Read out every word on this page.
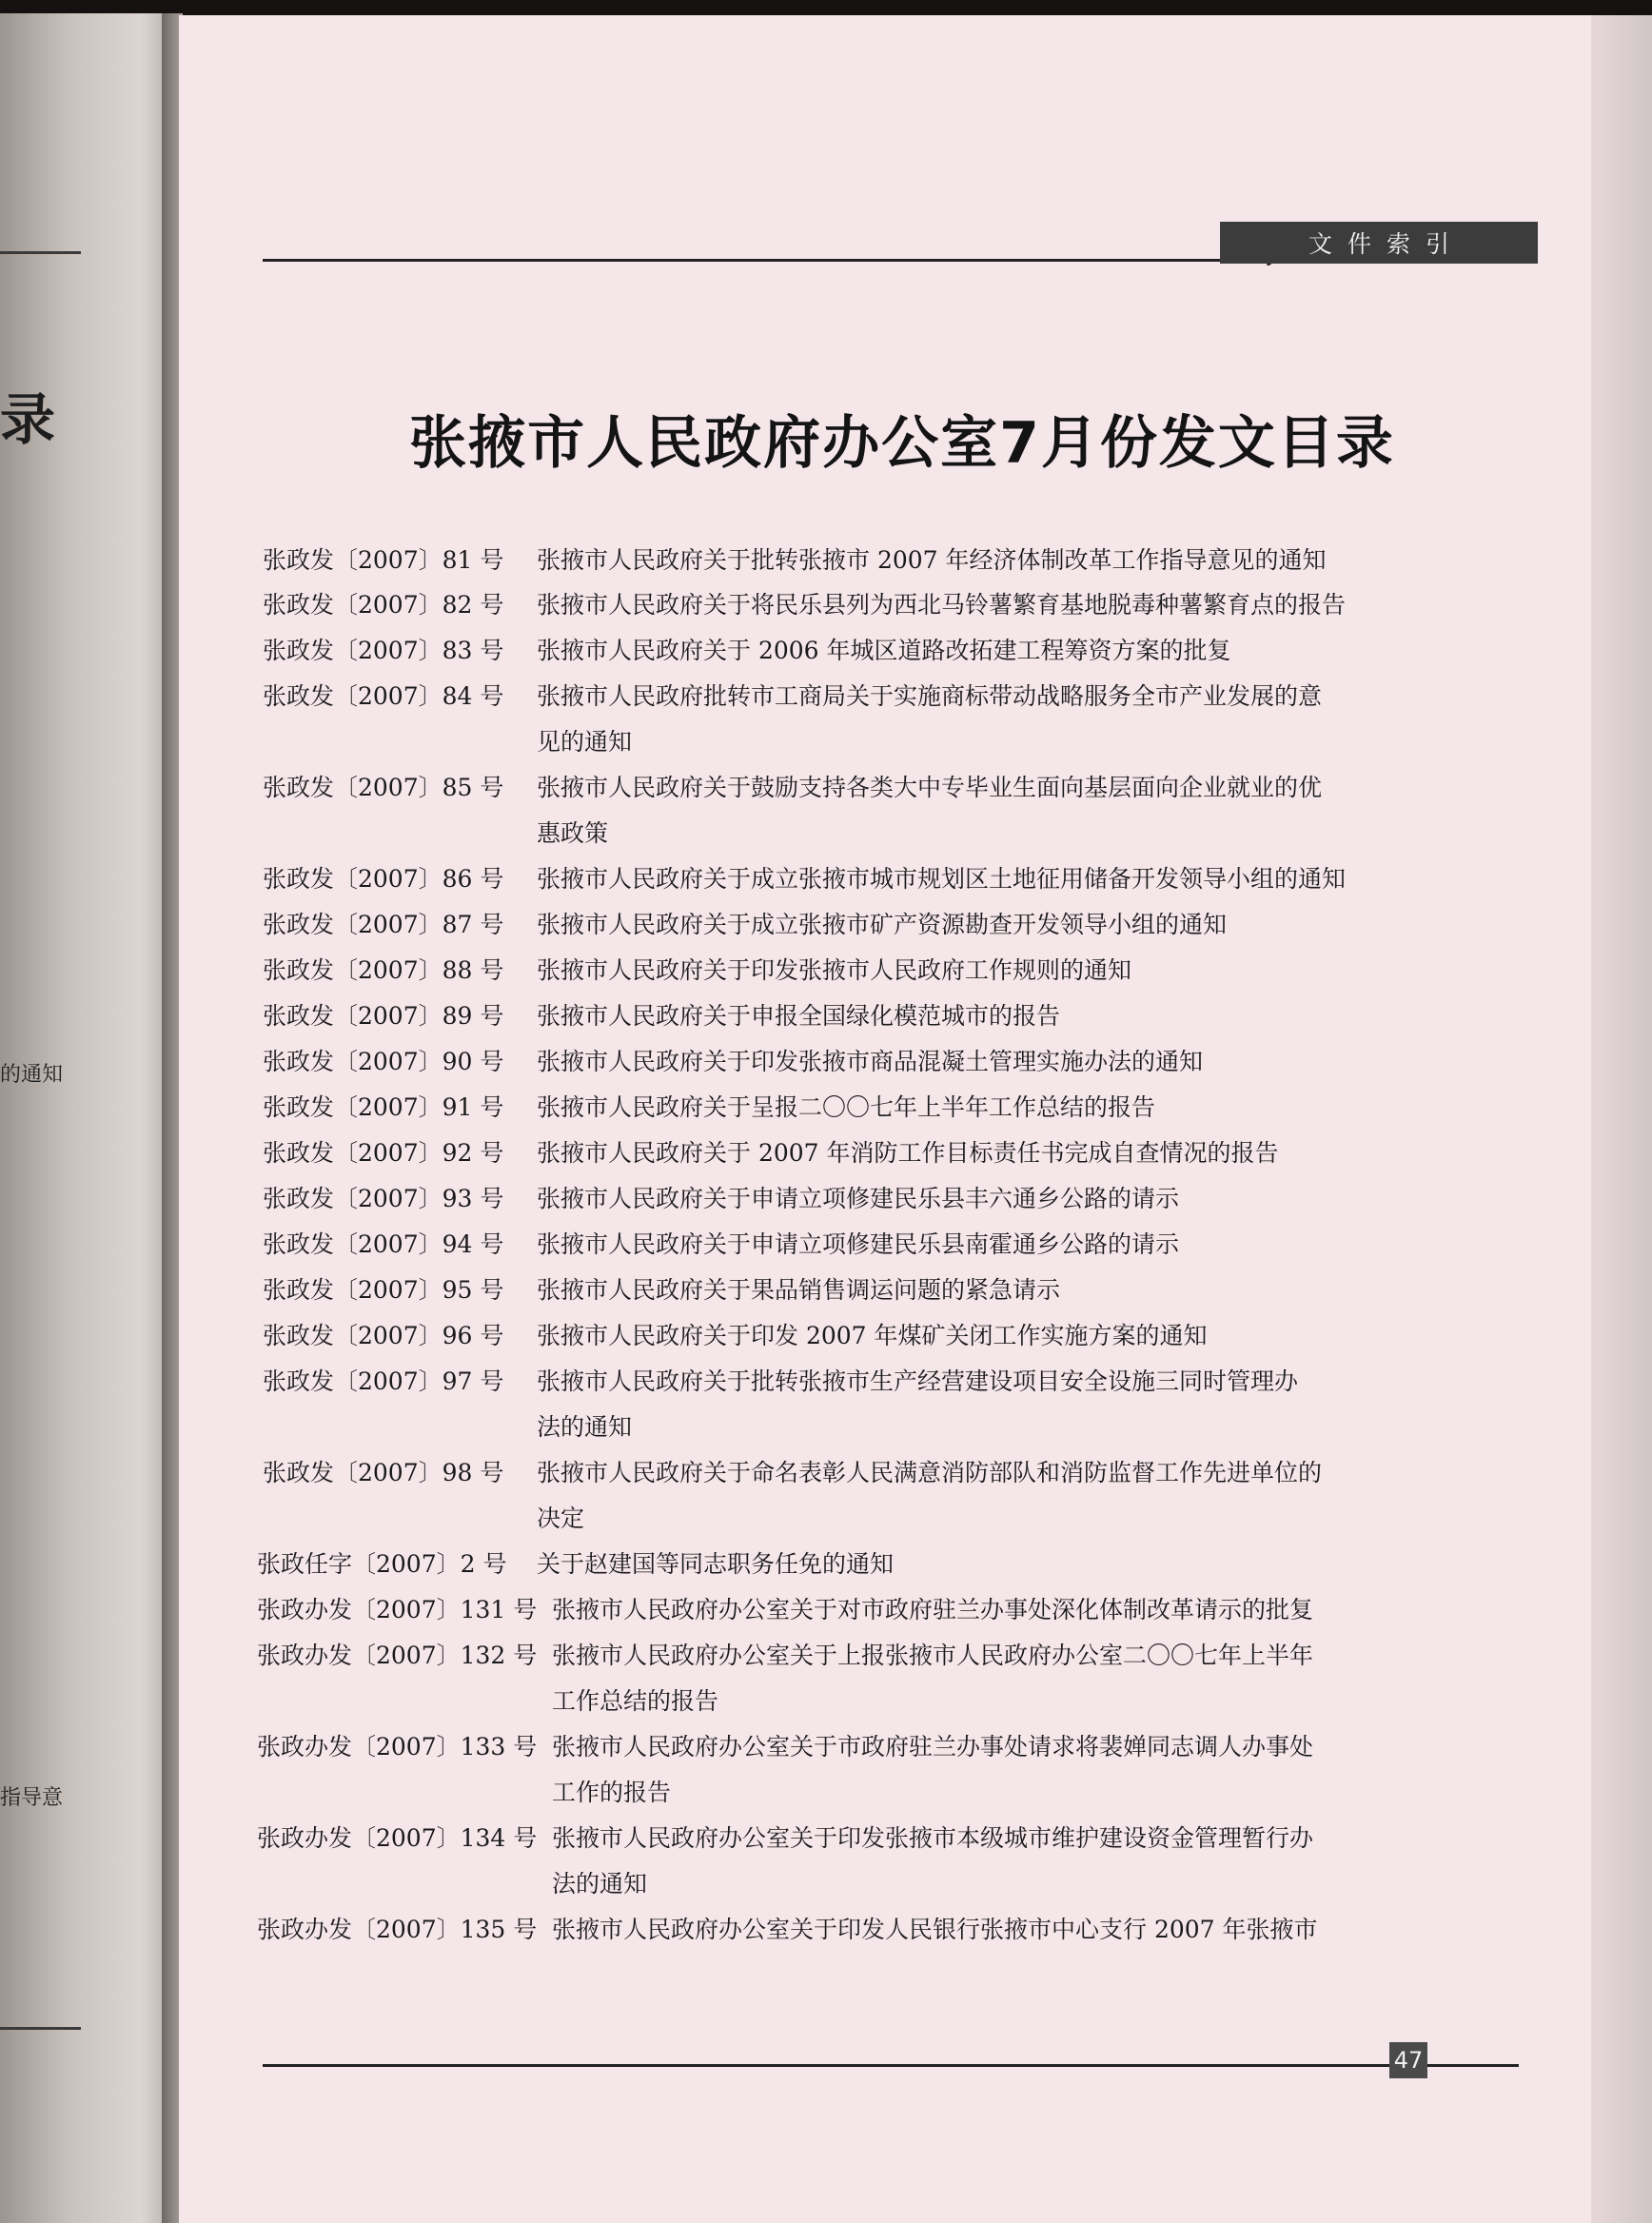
录
的通知
指导意
文件索引
张掖市人民政府办公室7月份发文目录
张政发〔2007〕81 号 张掖市人民政府关于批转张掖市 2007 年经济体制改革工作指导意见的通知
张政发〔2007〕82 号 张掖市人民政府关于将民乐县列为西北马铃薯繁育基地脱毒种薯繁育点的报告
张政发〔2007〕83 号 张掖市人民政府关于 2006 年城区道路改拓建工程筹资方案的批复
张政发〔2007〕84 号 张掖市人民政府批转市工商局关于实施商标带动战略服务全市产业发展的意
见的通知
张政发〔2007〕85 号 张掖市人民政府关于鼓励支持各类大中专毕业生面向基层面向企业就业的优
惠政策
张政发〔2007〕86 号 张掖市人民政府关于成立张掖市城市规划区土地征用储备开发领导小组的通知
张政发〔2007〕87 号 张掖市人民政府关于成立张掖市矿产资源勘查开发领导小组的通知
张政发〔2007〕88 号 张掖市人民政府关于印发张掖市人民政府工作规则的通知
张政发〔2007〕89 号 张掖市人民政府关于申报全国绿化模范城市的报告
张政发〔2007〕90 号 张掖市人民政府关于印发张掖市商品混凝土管理实施办法的通知
张政发〔2007〕91 号 张掖市人民政府关于呈报二〇〇七年上半年工作总结的报告
张政发〔2007〕92 号 张掖市人民政府关于 2007 年消防工作目标责任书完成自查情况的报告
张政发〔2007〕93 号 张掖市人民政府关于申请立项修建民乐县丰六通乡公路的请示
张政发〔2007〕94 号 张掖市人民政府关于申请立项修建民乐县南霍通乡公路的请示
张政发〔2007〕95 号 张掖市人民政府关于果品销售调运问题的紧急请示
张政发〔2007〕96 号 张掖市人民政府关于印发 2007 年煤矿关闭工作实施方案的通知
张政发〔2007〕97 号 张掖市人民政府关于批转张掖市生产经营建设项目安全设施三同时管理办
法的通知
张政发〔2007〕98 号 张掖市人民政府关于命名表彰人民满意消防部队和消防监督工作先进单位的
决定
张政任字〔2007〕2 号 关于赵建国等同志职务任免的通知
张政办发〔2007〕131 号 张掖市人民政府办公室关于对市政府驻兰办事处深化体制改革请示的批复
张政办发〔2007〕132 号 张掖市人民政府办公室关于上报张掖市人民政府办公室二〇〇七年上半年
工作总结的报告
张政办发〔2007〕133 号 张掖市人民政府办公室关于市政府驻兰办事处请求将裴婵同志调人办事处
工作的报告
张政办发〔2007〕134 号 张掖市人民政府办公室关于印发张掖市本级城市维护建设资金管理暂行办
法的通知
张政办发〔2007〕135 号 张掖市人民政府办公室关于印发人民银行张掖市中心支行 2007 年张掖市
47
